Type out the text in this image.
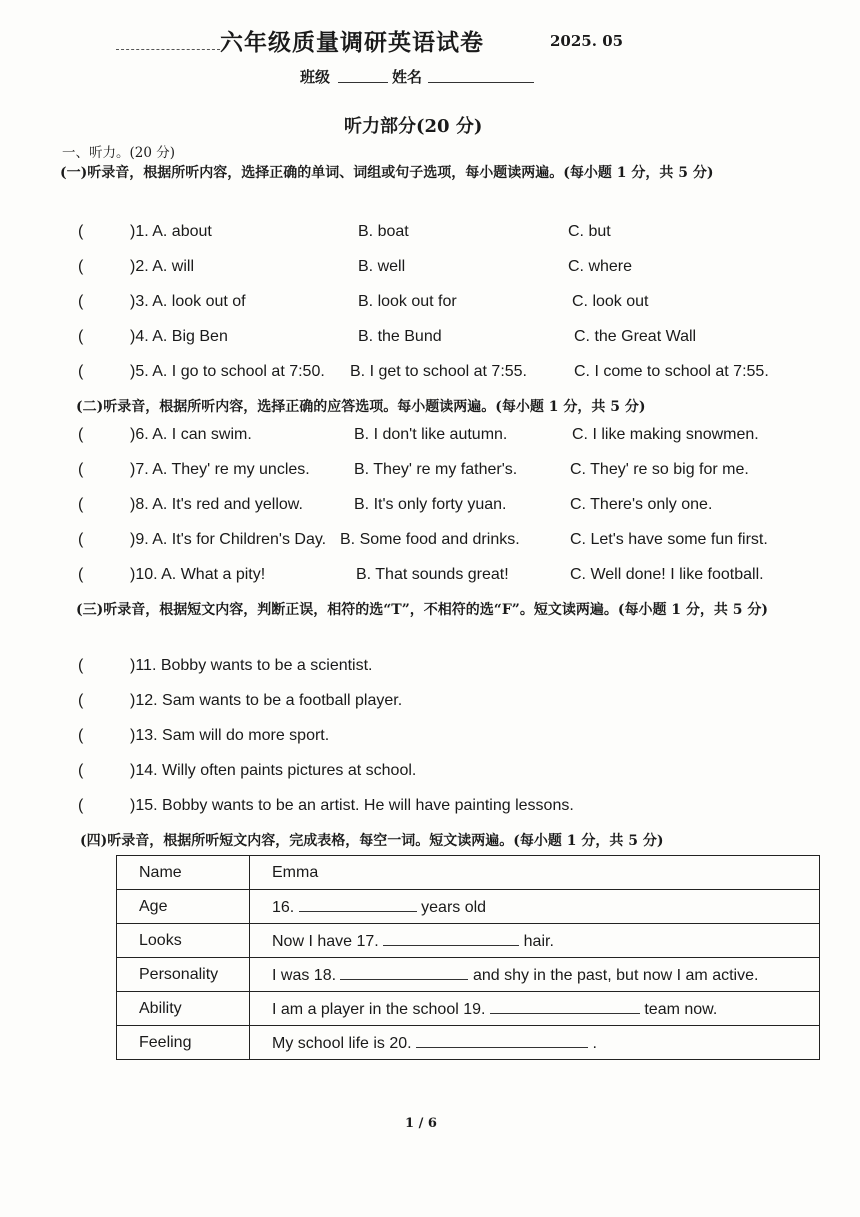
六年级质量调研英语试卷	2025. 05
班级	姓名
听力部分(20 分)
一、听力。(20 分)
(一)听录音，根据所听内容，选择正确的单词、词组或句子选项，每小题读两遍。(每小题 1 分，共 5 分)
(	)1. A. about	B. boat	C. but
(	)2. A. will	B. well	C. where
(	)3. A. look out of	B. look out for	C. look out
(	)4. A. Big Ben	B. the Bund	C. the Great Wall
(	)5. A. I go to school at 7:50. B. I get to school at 7:55.	C. I come to school at 7:55.
(二)听录音，根据所听内容，选择正确的应答选项。每小题读两遍。(每小题 1 分，共 5 分)
(	)6. A. I can swim.	B. I don't like autumn.	C. I like making snowmen.
(	)7. A. They' re my uncles.	B. They' re my father's.	C. They' re so big for me.
(	)8. A. It's red and yellow.	B. It's only forty yuan.	C. There's only one.
(	)9. A. It's for Children's Day. B. Some food and drinks.	C. Let's have some fun first.
(	)10. A. What a pity!	B. That sounds great!	C. Well done! I like football.
(三)听录音，根据短文内容，判断正误，相符的选“T”，不相符的选“F”。短文读两遍。(每小题 1 分，共 5 分)
(	)11. Bobby wants to be a scientist.
(	)12. Sam wants to be a football player.
(	)13. Sam will do more sport.
(	)14. Willy often paints pictures at school.
(	)15. Bobby wants to be an artist. He will have painting lessons.
(四)听录音，根据所听短文内容，完成表格，每空一词。短文读两遍。(每小题 1 分，共 5 分)
Name	Emma
Age	16. years old
Looks	Now I have 17. hair.
Personality	I was 18. and shy in the past, but now I am active.
Ability	I am a player in the school 19. team now.
Feeling	My school life is 20. .
1 / 6
